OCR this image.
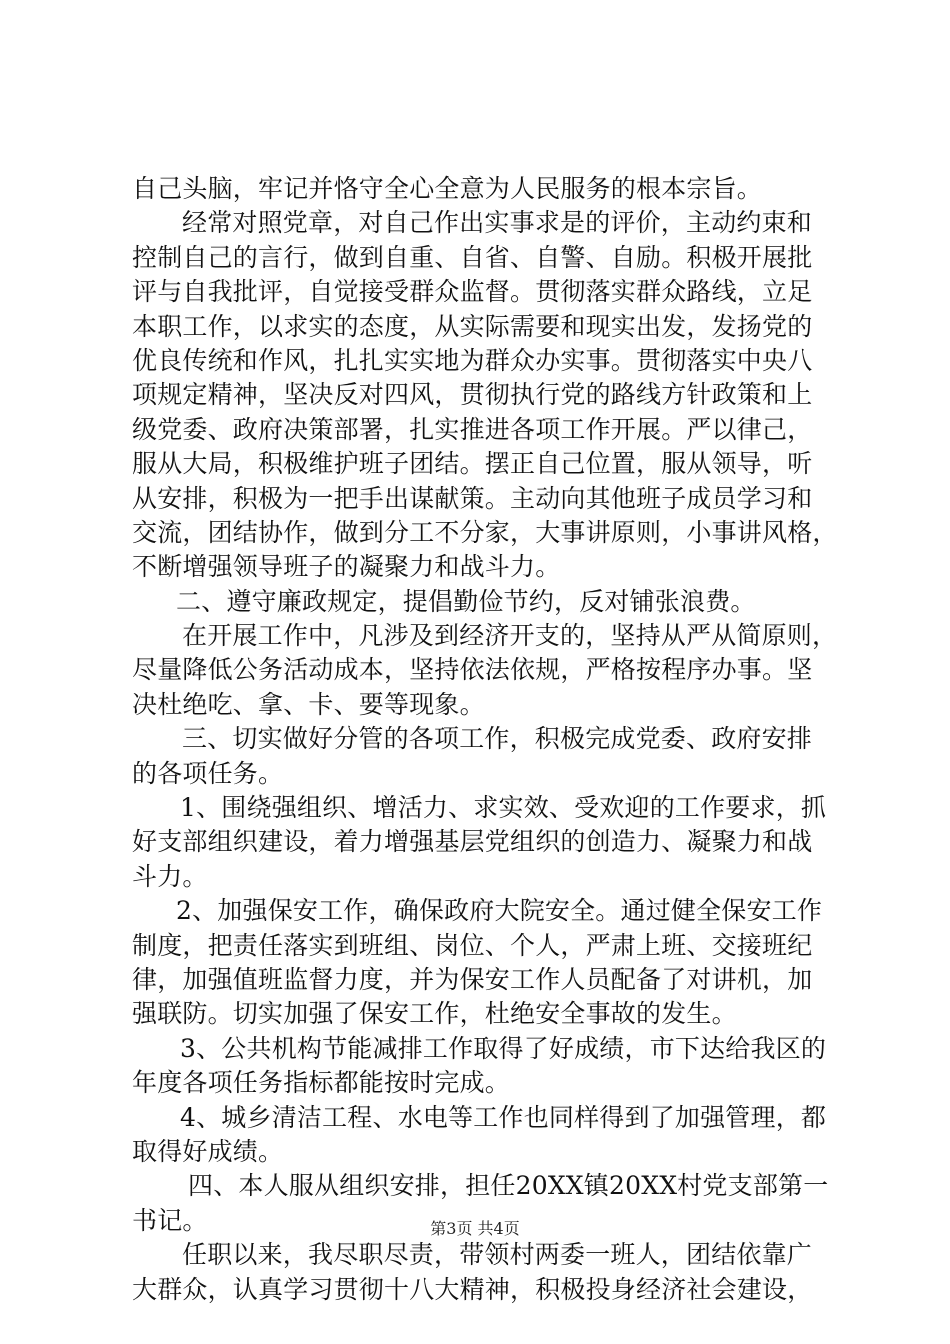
自己头脑，牢记并恪守全心全意为人民服务的根本宗旨。
经常对照党章，对自己作出实事求是的评价，主动约束和
控制自己的言行，做到自重、自省、自警、自励。积极开展批
评与自我批评，自觉接受群众监督。贯彻落实群众路线，立足
本职工作，以求实的态度，从实际需要和现实出发，发扬党的
优良传统和作风，扎扎实实地为群众办实事。贯彻落实中央八
项规定精神，坚决反对四风，贯彻执行党的路线方针政策和上
级党委、政府决策部署，扎实推进各项工作开展。严以律己，
服从大局，积极维护班子团结。摆正自己位置，服从领导，听
从安排，积极为一把手出谋献策。主动向其他班子成员学习和
交流，团结协作，做到分工不分家，大事讲原则，小事讲风格，
不断增强领导班子的凝聚力和战斗力。
二、遵守廉政规定，提倡勤俭节约，反对铺张浪费。
在开展工作中，凡涉及到经济开支的，坚持从严从简原则，
尽量降低公务活动成本，坚持依法依规，严格按程序办事。坚
决杜绝吃、拿、卡、要等现象。
三、切实做好分管的各项工作，积极完成党委、政府安排
的各项任务。
1、围绕强组织、增活力、求实效、受欢迎的工作要求，抓
好支部组织建设，着力增强基层党组织的创造力、凝聚力和战
斗力。
2、加强保安工作，确保政府大院安全。通过健全保安工作
制度，把责任落实到班组、岗位、个人，严肃上班、交接班纪
律，加强值班监督力度，并为保安工作人员配备了对讲机，加
强联防。切实加强了保安工作，杜绝安全事故的发生。
3、公共机构节能减排工作取得了好成绩，市下达给我区的
年度各项任务指标都能按时完成。
4、城乡清洁工程、水电等工作也同样得到了加强管理，都
取得好成绩。
四、本人服从组织安排，担任20XX镇20XX村党支部第一
书记。
任职以来，我尽职尽责，带领村两委一班人，团结依靠广
大群众，认真学习贯彻十八大精神，积极投身经济社会建设，
第3页 共4页
